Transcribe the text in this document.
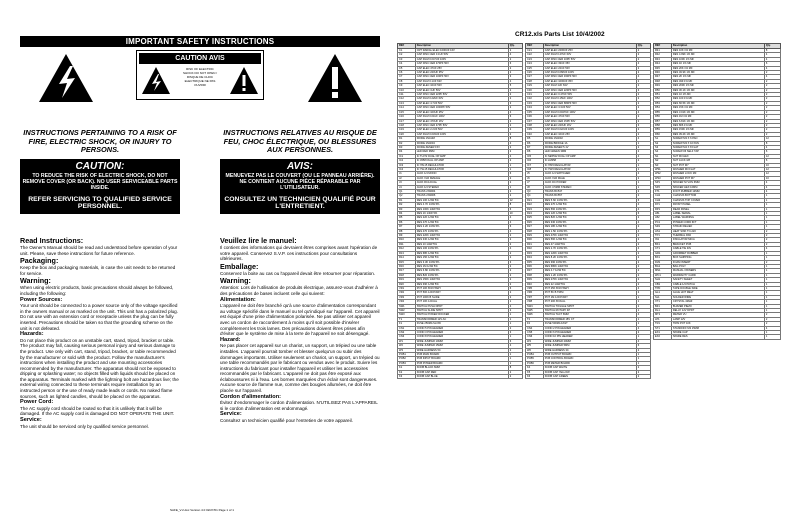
IMPORTANT SAFETY INSTRUCTIONS
CAUTION AVIS
RISK OF ELECTRIC SHOCK DO NOT OPEN / RISQUE DE CHOC ELECTRIQUE NE PAS OUVRIR
INSTRUCTIONS PERTAINING TO A RISK OF FIRE, ELECTRIC SHOCK, OR INJURY TO PERSONS.
CAUTION:
TO REDUCE THE RISK OF ELECTRIC SHOCK, DO NOT REMOVE COVER (OR BACK). NO USER SERVICEABLE PARTS INSIDE.
REFER SERVICING TO QUALIFIED SERVICE PERSONNEL.
INSTRUCTIONS RELATIVES AU RISQUE DE FEU, CHOC ÉLECTRIQUE, OU BLESSURES AUX PERSONNES.
AVIS:
MENUEVEZ PAS LE COUVERT (OU LE PANNEAU ARRIÈRE). NE CONTIENT AUCUNE PIÈCE RÉPARABLE PAR L'UTILISATEUR.
CONSULTEZ UN TECHNICIEN QUALIFIÉ POUR L'ENTRETIENT.
Read Instructions:

The Owner's Manual should be read and understood before operation of your unit. Please, save these instructions for future reference.

Packaging:

Keep the box and packaging materials, in case the unit needs to be returned for service.

Warning:

When using electric products, basic precautions should always be followed, including the following:

Power Sources:

Your unit should be connected to a power source only of the voltage specified in the owners manual or as marked on the unit. This unit has a polarized plug. Do not use with an extension cord or receptacle unless the plug can be fully inserted. Precautions should be taken so that the grounding scheme on the unit is not defeated.

Hazards:

Do not place this product on an unstable cart, stand, tripod, bracket or table. The product may fall, causing serious personal injury and serious damage to the product. Use only with cart, stand, tripod, bracket, or table recommended by the manufacturer or sold with the product. Follow the manufacturer's instructions when installing the product and use mounting accessories recommended by the manufacturer. The apparatus should not be exposed to dripping or splashing water; no objects filled with liquids should be placed on the apparatus. Terminals marked with the lightning bolt are hazardous live; the external wiring connected to these terminals require installation by an instructed person or the use of ready made leads or cords. No naked flame sources, such as lighted candles, should be placed on the apparatus.

Power Cord:

The AC supply cord should be routed so that it is unlikely that it will be damaged. If the AC supply cord is damaged DO NOT OPERATE THE UNIT.

Service:

The unit should be serviced only by qualified service personnel.

Veuillez lire le manuel:

Il contient des informations qui devraient êtres comprises avant l'opération de votre appareil. Conservez S.V.P. ces instructions pour consultations ultérieures.

Emballage:

Conservez la boite au cas ou l'appareil devait être retourner pour réparation.

Warning:

Attention: Lors de l'utilisation de produits électrique, assurez-vous d'adhérer à des précautions de bases incluent celle qui suivent:

Alimentation:

L'appareil ne doit être branché qu'à une source d'alimentation correspondant au voltage spécifié dans le manuel ou tel qu'indiqué sur l'appareil. Cet appareil est équipé d'une prise d'alimentation polarisée. Ne pas utiliser cet appareil avec un cordon de raccordement à moins qu'il soit possible d'insérer complètement les trois lames. Des précautions doivent êtres prises afin d'éviter que le système de mise à la terre de l'appareil ne soit désengagé.

Hazard:

Ne pas placer cet appareil sur un chariot, un support, un trépied ou une table instables. L'appareil pourrait tomber et blesser quelqu'un ou subir des dommages importants. Utiliser seulement un chariot, un support, un trépied ou une table recommandés par le fabricant ou vendus avec le produit. Suivre les instructions du fabricant pour installer l'appareil et utiliser les accessoires recommandés par le fabricant. L'appareil ne doit pas être exposé aux éclaboussures ni à l'eau. Les bornes marquées d'un éclair sont dangereuses. Aucune source de flamme nue, comme des bougies allumées, ne doit être placée sur l'appareil.

Cordon d'alimentation:

Évitez d'endommager le cordon d'alimentation. N'UTILISEZ PAS L'APPAREIL si le cordon d'alimentation est endommagé.

Service:

Consultez un technicien qualifié pour l'entretien de votre appareil.

SAFE_V.2.doc Version 4.0 02/27/01 Page 1 of 1
CR12.xls Parts List 10/4/2002
REF	Description	Qty.
C1	CRT RADIAL ELEC 1000UF 16V	2
C2	CAP DISC CER 0.1UF 50V	4
C3	CAP FILM 0.047UF 100V	2
C4	CAP DISC CER 470PF 50V	6
C5	CAP ELEC 47UF 25V	2
C6	CAP ELEC 220UF 35V	2
C7	CAP DISC CER 100PF 50V	3
C8	CAP FILM 0.1UF 63V	4
C9	CAP ELEC 10UF 50V	5
C10	CAP ELEC 1UF 50V	2
C11	CAP DISC CER 22PF 50V	2
C12	CAP FILM 0.22UF 63V	2
C13	CAP ELEC 4.7UF 50V	3
C14	CAP DISC CER 1000PF 50V	2
C15	CAP ELEC 100UF 25V	4
C16	CAP FILM 0.01UF 100V	6
C17	CAP ELEC 470UF 16V	2
C18	CAP DISC CER 47PF 50V	2
C19	CAP ELEC 2.2UF 50V	2
C20	CAP FILM 0.033UF 100V	2
D1	DIODE 1N4148	8
D2	DIODE 1N4004	4
D3	DIODE ZENER 15V	2
D4	LED RED 3MM	2
IC1	IC TL072 DUAL OP AMP	4
IC2	IC 4558 DUAL OP AMP	2
IC3	IC 78L15 REGULATOR	1
IC4	IC 79L15 REGULATOR	1
J1	JACK 1/4 MONO	6
J2	JACK XLR FEMALE	2
J3	JACK RCA DUAL	2
J4	JACK 1/4 STEREO	1
Q1	TRANS 2N3904	2
Q2	TRANS 2N3906	2
R1	RES 10K 1/4W 5%	12
R2	RES 4.7K 1/4W 5%	8
R3	RES 100K 1/4W 5%	6
R4	RES 1K 1/4W 5%	10
R5	RES 22K 1/4W 5%	4
R6	RES 47K 1/4W 5%	4
R7	RES 2.2K 1/4W 5%	6
R8	RES 470 1/4W 5%	4
R9	RES 220K 1/4W 5%	2
R10	RES 33K 1/4W 5%	2
R11	RES 10 1/4W 5%	2
R12	RES 100 1/4W 5%	4
R13	RES 68K 1/4W 5%	2
R14	RES 15K 1/4W 5%	2
R15	RES 3.3K 1/4W 5%	3
R16	RES 1M 1/4W 5%	2
R17	RES 6.8K 1/4W 5%	2
R18	RES 820 1/4W 5%	2
R19	RES 150K 1/4W 5%	2
R20	RES 39K 1/4W 5%	2
VR1	POT 10K B ROTARY	6
VR2	POT 50K A ROTARY	2
VR3	POT 100K B SLIDE	2
VR4	POT 10K A DUAL	1
SW1	SWITCH PUSH DPDT	4
SW2	SWITCH SLIDE SPDT	2
SW3	SWITCH POWER ROCKER	1
T1	TRANSFORMER 12V AC	1
F1	FUSE 250MA SLOW	1
CN1	CONN 5 PIN HEADER	2
CN2	CONN 3 PIN HEADER	3
CN3	CONN 8 PIN HEADER	1
W1	WIRE JUMPER 10MM	6
W2	WIRE JUMPER 15MM	4
W3	WIRE HARNESS 5C	2
PCB1	PCB MAIN BOARD	1
PCB2	PCB INPUT BOARD	1
PCB3	PCB POWER BOARD	1
K1	KNOB BLACK 6MM	8
K2	KNOB CAP RED	2
K3	KNOB CAP BLUE	2
REF	Description	Qty.
C21	CAP ELEC 2200UF 25V	2
C22	CAP FILM 0.47UF 63V	2
C23	CAP DISC CER 10PF 50V	2
C24	CAP ELEC 33UF 35V	4
C25	CAP ELEC 22UF 50V	2
C26	CAP FILM 0.068UF 100V	2
C27	CAP DISC CER 330PF 50V	4
C28	CAP ELEC 1000UF 35V	2
C29	CAP FILM 1UF 63V	2
C30	CAP DISC CER 220PF 50V	3
C31	CAP ELEC 0.47UF 50V	2
C32	CAP FILM 0.15UF 100V	2
C33	CAP DISC CER 680PF 50V	2
C34	CAP ELEC 3.3UF 50V	2
C35	CAP FILM 0.0047UF 100V	4
C36	CAP ELEC 47UF 50V	2
C37	CAP DISC CER 15PF 50V	2
C38	CAP ELEC 220UF 16V	3
C39	CAP FILM 0.022UF 100V	2
C40	CAP ELEC 10UF 25V	2
D5	DIODE 1N4002	4
D6	DIODE BRIDGE 1A	1
D7	DIODE ZENER 5.1V	2
D8	LED GREEN 3MM	2
IC5	IC NE5532 DUAL OP AMP	4
IC6	IC LM358	2
IC7	IC 7815 REGULATOR	1
IC8	IC 7915 REGULATOR	1
J5	JACK 1/4 SWITCHED	4
J6	JACK XLR MALE	2
J7	JACK DC POWER	1
J8	JACK 3.5MM STEREO	1
Q3	TRANS BC547	2
Q4	TRANS BC557	2
R21	RES 5.6K 1/4W 5%	6
R22	RES 27K 1/4W 5%	4
R23	RES 560 1/4W 5%	4
R24	RES 12K 1/4W 5%	6
R25	RES 82K 1/4W 5%	2
R26	RES 330 1/4W 5%	4
R27	RES 18K 1/4W 5%	2
R28	RES 1.5K 1/4W 5%	4
R29	RES 470K 1/4W 5%	2
R30	RES 56K 1/4W 5%	2
R31	RES 47 1/4W 5%	2
R32	RES 2.7K 1/4W 5%	4
R33	RES 120K 1/4W 5%	2
R34	RES 8.2K 1/4W 5%	2
R35	RES 390 1/4W 5%	2
R36	RES 680K 1/4W 5%	2
R37	RES 4.7 1/2W 5%	2
R38	RES 1.2K 1/4W 5%	2
R39	RES 270K 1/4W 5%	2
R40	RES 22 1/4W 5%	2
VR5	POT 25K B ROTARY	4
VR6	POT 5K B TRIM	2
VR7	POT 1M A ROTARY	1
VR8	POT 20K B DUAL	1
SW4	SWITCH TOGGLE SPDT	2
SW5	SWITCH ROTARY 4P	1
SW6	SWITCH TACT 6MM	4
T2	TRANSFORMER 18V CT	1
F2	FUSE 500MA FAST	1
CN4	CONN 2 PIN HEADER	4
CN5	CONN 6 PIN HEADER	2
CN6	CONN 10 PIN HEADER	1
W4	WIRE JUMPER 20MM	4
W5	WIRE JUMPER 5MM	6
W6	WIRE HARNESS 3C	2
PCB4	PCB OUTPUT BOARD	1
PCB5	PCB CONTROL BOARD	1
PCB6	PCB METER BOARD	1
K4	KNOB CAP WHITE	2
K5	KNOB CAP YELLOW	2
K6	KNOB CAP GREEN	2
REF	Description	Qty.
R41	RES 10K 1% MF	8
R42	RES 4.99K 1% MF	4
R43	RES 100K 1% MF	4
R44	RES 1K 1% MF	6
R45	RES 20K 1% MF	4
R46	RES 49.9K 1% MF	2
R47	RES 2K 1% MF	4
R48	RES 499 1% MF	2
R49	RES 200K 1% MF	2
R50	RES 30.1K 1% MF	2
R51	RES 10 1% MF	2
R52	RES 100 1% MF	2
R53	RES 66.5K 1% MF	2
R54	RES 15K 1% MF	2
R55	RES 3.01K 1% MF	2
R56	RES 1M 1% MF	2
R57	RES 6.81K 1% MF	2
R58	RES 806 1% MF	2
R59	RES 150K 1% MF	2
R60	RES 39.2K 1% MF	2
S1	SCREW M3 X 6 PAN	12
S2	SCREW M3 X 10 PAN	8
S3	SCREW M4 X 8 FLAT	4
S4	SCREW #6 SELF TAP	6
N1	NUT M3 HEX	12
N2	NUT JACK 3/8	6
N3	NUT POT M7	10
WS1	WASHER M3 FLAT	12
WS2	WASHER LOCK M3	12
WS3	WASHER POT M7	10
SP1	SPACER NYLON 6MM	4
SP2	SPACER HEX 10MM	4
FT1	FOOT RUBBER 12MM	4
CH1	CHASSIS BOTTOM	1
CH2	CHASSIS TOP COVER	1
FP1	FRONT PANEL	1
RP1	REAR PANEL	1
LB1	LABEL SERIAL	1
LB2	LABEL WARNING	1
PC1	POWER CORD 6FT	1
SR1	STRAIN RELIEF	1
HS1	HEAT SINK TO-220	2
TP1	THERMAL PAD	2
IN1	INSULATOR MICA	2
BK1	BRACKET PCB	2
CT1	CABLE TIE 4IN	4
GR1	GROMMET RUBBER	1
BX1	BOX SHIPPING	1
FM1	FOAM INSERT	2
BG1	BAG POLY	1
MN1	MANUAL OWNERS	1
WC1	WARRANTY CARD	1
SH1	SAFETY SHEET	1
CB1	CABLE 1/4 PATCH	1
TPD	TAPE DOUBLE SIDE	1
GL1	GLUE HOT MELT	1
SL1	SOLDER WIRE	1
XT1	CRYSTAL 4MHZ	1
BZ1	BUZZER PIEZO	1
RL1	RELAY 12V DPDT	1
MT1	METER VU	2
LP1	LAMP 12V	2
TR1	TRIM POT 10K	2
ST1	STANDOFF M3 15MM	4
EX1	SPARE CAP	1
EX2	SPARE RES	1
